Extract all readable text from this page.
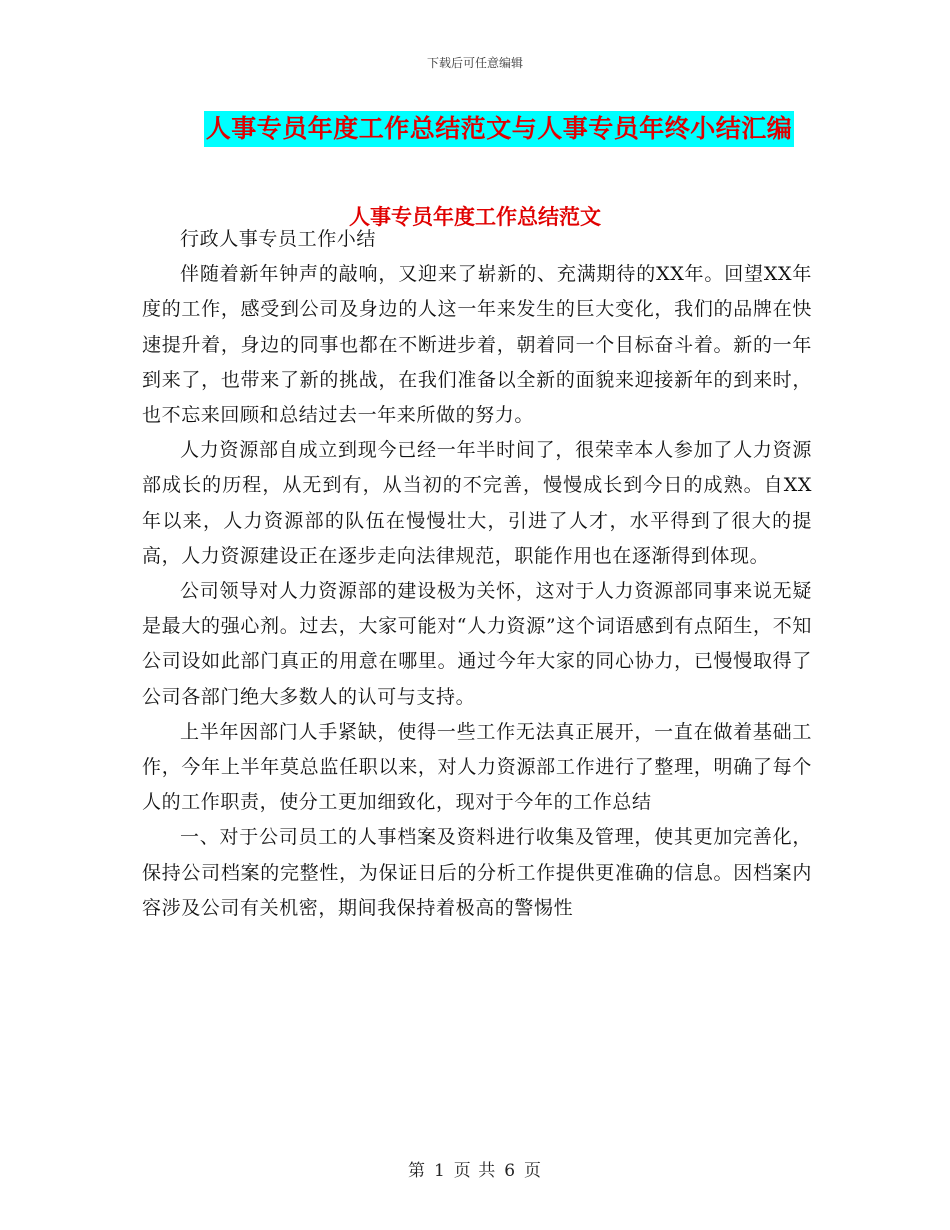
下载后可任意编辑
人事专员年度工作总结范文与人事专员年终小结汇编
人事专员年度工作总结范文

行政人事专员工作小结

伴随着新年钟声的敲响，又迎来了崭新的、充满期待的XX年。回望XX年度的工作，感受到公司及身边的人这一年来发生的巨大变化，我们的品牌在快速提升着，身边的同事也都在不断进步着，朝着同一个目标奋斗着。新的一年到来了，也带来了新的挑战，在我们准备以全新的面貌来迎接新年的到来时，也不忘来回顾和总结过去一年来所做的努力。

人力资源部自成立到现今已经一年半时间了，很荣幸本人参加了人力资源部成长的历程，从无到有，从当初的不完善，慢慢成长到今日的成熟。自XX年以来，人力资源部的队伍在慢慢壮大，引进了人才，水平得到了很大的提高，人力资源建设正在逐步走向法律规范，职能作用也在逐渐得到体现。

公司领导对人力资源部的建设极为关怀，这对于人力资源部同事来说无疑是最大的强心剂。过去，大家可能对“人力资源”这个词语感到有点陌生，不知公司设如此部门真正的用意在哪里。通过今年大家的同心协力，已慢慢取得了公司各部门绝大多数人的认可与支持。

上半年因部门人手紧缺，使得一些工作无法真正展开，一直在做着基础工作，今年上半年莫总监任职以来，对人力资源部工作进行了整理，明确了每个人的工作职责，使分工更加细致化，现对于今年的工作总结

一、对于公司员工的人事档案及资料进行收集及管理，使其更加完善化，保持公司档案的完整性，为保证日后的分析工作提供更准确的信息。因档案内容涉及公司有关机密，期间我保持着极高的警惕性

第 1 页 共 6 页
